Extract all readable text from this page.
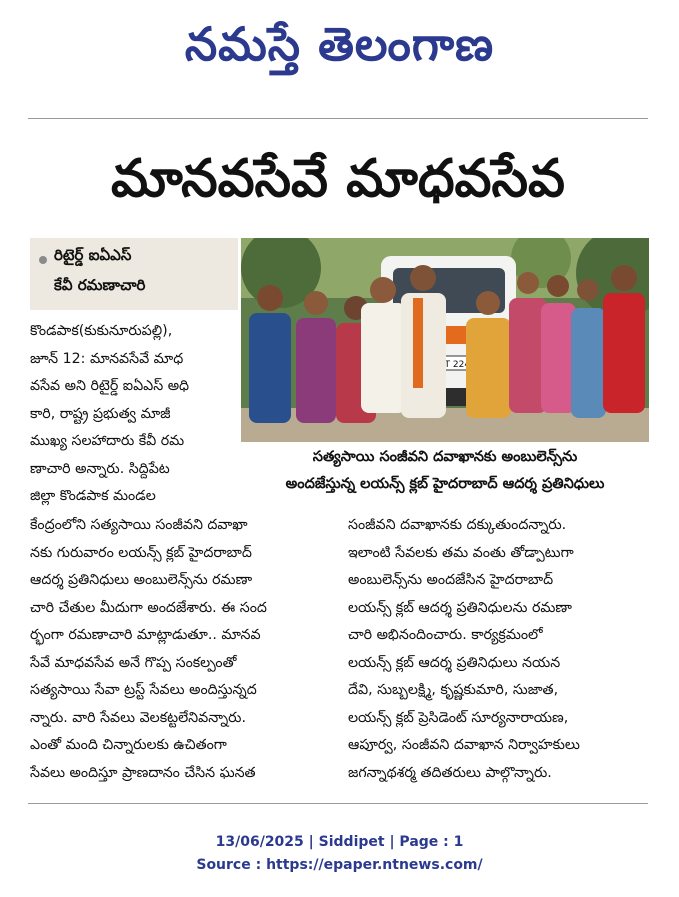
నమస్తే తెలంగాణ
మానవసేవే మాధవసేవ
రిటైర్డ్ ఐఏఎస్
కేవీ రమణాచారి
T 2248
సత్యసాయి సంజీవని దవాఖానకు అంబులెన్స్‌ను
అందజేస్తున్న లయన్స్ క్లబ్ హైదరాబాద్ ఆదర్శ ప్రతినిధులు
కొండపాక(కుకునూరుపల్లి),
జూన్ 12: మానవసేవే మాధ
వసేవ అని రిటైర్డ్ ఐఏఎస్ అధి
కారి, రాష్ట్ర ప్రభుత్వ మాజీ
ముఖ్య సలహాదారు కేవీ రమ
ణాచారి అన్నారు. సిద్దిపేట
జిల్లా కొండపాక మండల
కేంద్రంలోని సత్యసాయి సంజీవని దవాఖా
నకు గురువారం లయన్స్ క్లబ్ హైదరాబాద్
ఆదర్శ ప్రతినిధులు అంబులెన్స్‌ను రమణా
చారి చేతుల మీదుగా అందజేశారు. ఈ సంద
ర్భంగా రమణాచారి మాట్లాడుతూ.. మానవ
సేవే మాధవసేవ అనే గొప్ప సంకల్పంతో
సత్యసాయి సేవా ట్రస్ట్ సేవలు అందిస్తున్నద
న్నారు. వారి సేవలు వెలకట్టలేనివన్నారు.
ఎంతో మంది చిన్నారులకు ఉచితంగా
సేవలు అందిస్తూ ప్రాణదానం చేసిన ఘనత
సంజీవని దవాఖానకు దక్కుతుందన్నారు.
ఇలాంటి సేవలకు తమ వంతు తోడ్పాటుగా
అంబులెన్స్‌ను అందజేసిన హైదరాబాద్
లయన్స్ క్లబ్ ఆదర్శ ప్రతినిధులను రమణా
చారి అభినందించారు. కార్యక్రమంలో
లయన్స్ క్లబ్ ఆదర్శ ప్రతినిధులు నయన
దేవి, సుబ్బలక్ష్మి, కృష్ణకుమారి, సుజాత,
లయన్స్ క్లబ్ ప్రెసిడెంట్ సూర్యనారాయణ,
ఆపూర్వ, సంజీవని దవాఖాన నిర్వాహకులు
జగన్నాథశర్మ తదితరులు పాల్గొన్నారు.
13/06/2025 | Siddipet | Page : 1
Source : https://epaper.ntnews.com/
